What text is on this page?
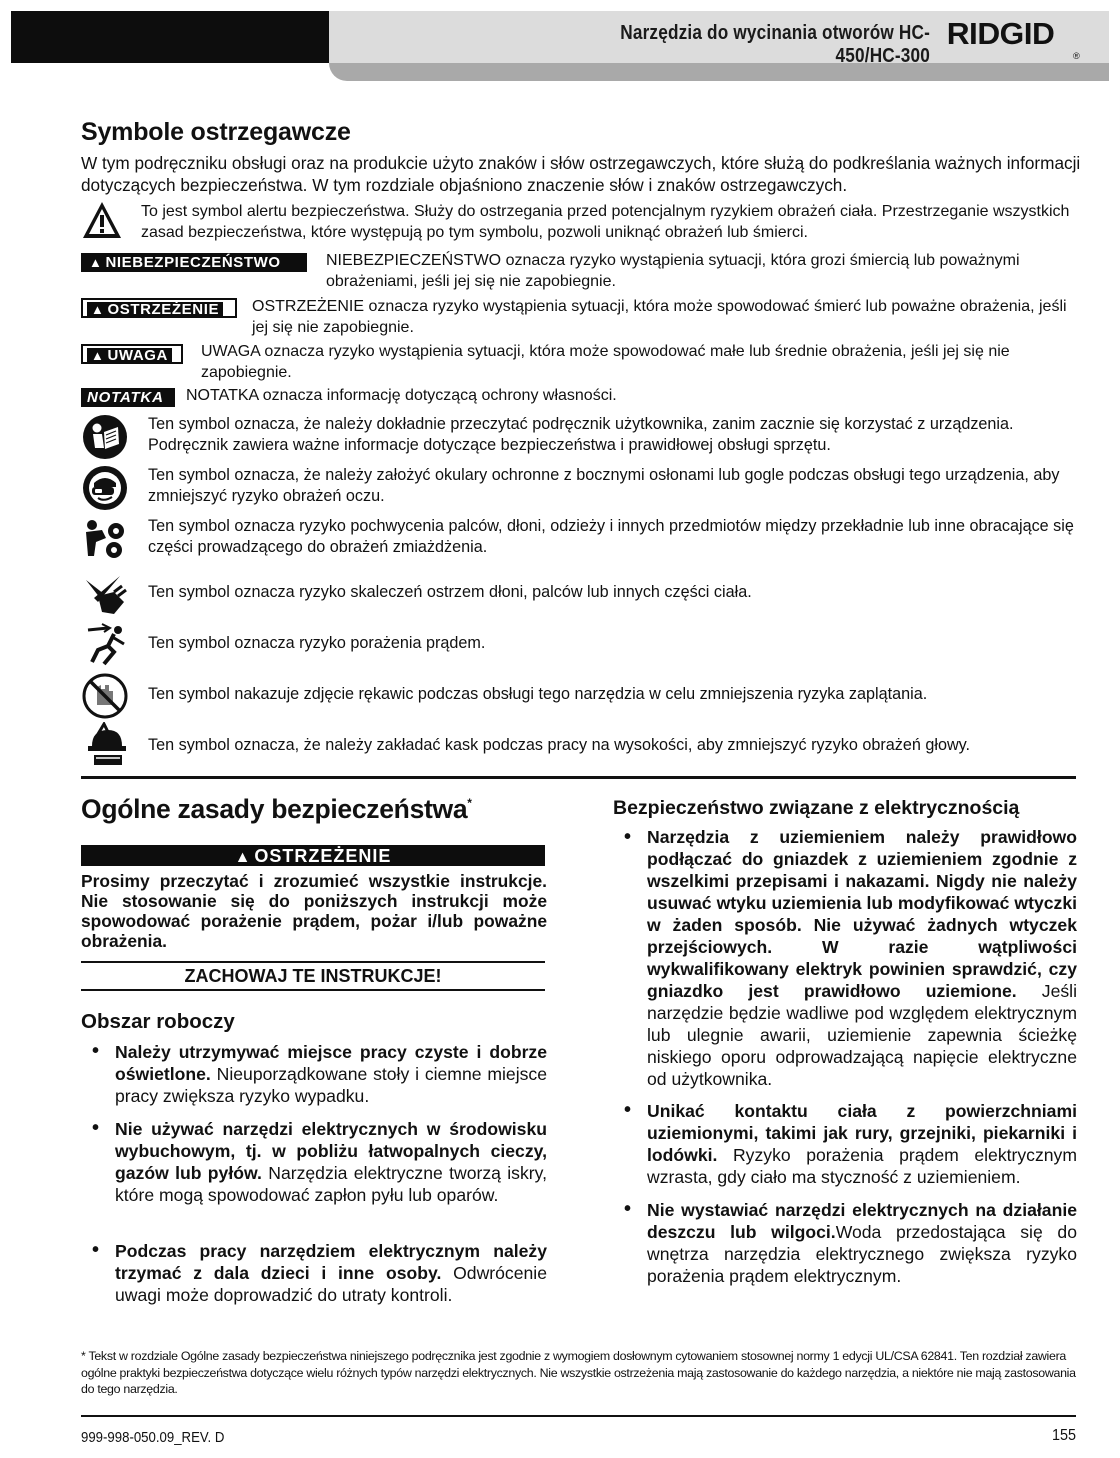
Narzędzia do wycinania otworów HC-450/HC-300
RIDGID
®
Symbole ostrzegawcze

W tym podręczniku obsługi oraz na produkcie użyto znaków i słów ostrzegawczych, które służą do podkreślania ważnych informacji dotyczących bezpieczeństwa. W tym rozdziale objaśniono znaczenie słów i znaków ostrzegawczych.

To jest symbol alertu bezpieczeństwa. Służy do ostrzegania przed potencjalnym ryzykiem obrażeń ciała. Przestrzeganie wszystkich zasad bezpieczeństwa, które występują po tym symbolu, pozwoli uniknąć obrażeń lub śmierci.

▲ NIEBEZPIECZEŃSTWO	NIEBEZPIECZEŃSTWO oznacza ryzyko wystąpienia sytuacji, która grozi śmiercią lub poważnymi obrażeniami, jeśli jej się nie zapobiegnie.

▲ OSTRZEŻENIE	OSTRZEŻENIE oznacza ryzyko wystąpienia sytuacji, która może spowodować śmierć lub poważne obrażenia, jeśli jej się nie zapobiegnie.

▲ UWAGA	UWAGA oznacza ryzyko wystąpienia sytuacji, która może spowodować małe lub średnie obrażenia, jeśli jej się nie zapobiegnie.

NOTATKA	NOTATKA oznacza informację dotyczącą ochrony własności.

Ten symbol oznacza, że należy dokładnie przeczytać podręcznik użytkownika, zanim zacznie się korzystać z urządzenia. Podręcznik zawiera ważne informacje dotyczące bezpieczeństwa i prawidłowej obsługi sprzętu.

Ten symbol oznacza, że należy założyć okulary ochronne z bocznymi osłonami lub gogle podczas obsługi tego urządzenia, aby zmniejszyć ryzyko obrażeń oczu.

Ten symbol oznacza ryzyko pochwycenia palców, dłoni, odzieży i innych przedmiotów między przekładnie lub inne obracające się części prowadzącego do obrażeń zmiażdżenia.

Ten symbol oznacza ryzyko skaleczeń ostrzem dłoni, palców lub innych części ciała.

Ten symbol oznacza ryzyko porażenia prądem.

Ten symbol nakazuje zdjęcie rękawic podczas obsługi tego narzędzia w celu zmniejszenia ryzyka zaplątania.

Ten symbol oznacza, że należy zakładać kask podczas pracy na wysokości, aby zmniejszyć ryzyko obrażeń głowy.

Ogólne zasady bezpieczeństwa*
▲ OSTRZEŻENIE

Prosimy przeczytać i zrozumieć wszystkie instrukcje. Nie stosowanie się do poniższych instrukcji może spowodować porażenie prądem, pożar i/lub poważne obrażenia.

ZACHOWAJ TE INSTRUKCJE!
Obszar roboczy
• Należy utrzymywać miejsce pracy czyste i dobrze oświetlone. Nieuporządkowane stoły i ciemne miejsce pracy zwiększa ryzyko wypadku.

• Nie używać narzędzi elektrycznych w środowisku wybuchowym, tj. w pobliżu łatwopalnych cieczy, gazów lub pyłów. Narzędzia elektryczne tworzą iskry, które mogą spowodować zapłon pyłu lub oparów.

• Podczas pracy narzędziem elektrycznym należy trzymać z dala dzieci i inne osoby. Odwrócenie uwagi może doprowadzić do utraty kontroli.

Bezpieczeństwo związane z elektrycznością
• Narzędzia z uziemieniem należy prawidłowo podłączać do gniazdek z uziemieniem zgodnie z wszelkimi przepisami i nakazami. Nigdy nie należy usuwać wtyku uziemienia lub modyfikować wtyczki w żaden sposób. Nie używać żadnych wtyczek przejściowych. W razie wątpliwości wykwalifikowany elektryk powinien sprawdzić, czy gniazdko jest prawidłowo uziemione. Jeśli narzędzie będzie wadliwe pod względem elektrycznym lub ulegnie awarii, uziemienie zapewnia ścieżkę niskiego oporu odprowadzającą napięcie elektryczne od użytkownika.

• Unikać kontaktu ciała z powierzchniami uziemionymi, takimi jak rury, grzejniki, piekarniki i lodówki. Ryzyko porażenia prądem elektrycznym wzrasta, gdy ciało ma styczność z uziemieniem.

• Nie wystawiać narzędzi elektrycznych na działanie deszczu lub wilgoci.Woda przedostająca się do wnętrza narzędzia elektrycznego zwiększa ryzyko porażenia prądem elektrycznym.

* Tekst w rozdziale Ogólne zasady bezpieczeństwa niniejszego podręcznika jest zgodnie z wymogiem dosłownym cytowaniem stosownej normy 1 edycji UL/CSA 62841. Ten rozdział zawiera ogólne praktyki bezpieczeństwa dotyczące wielu różnych typów narzędzi elektrycznych. Nie wszystkie ostrzeżenia mają zastosowanie do każdego narzędzia, a niektóre nie mają zastosowania do tego narzędzia.

999-998-050.09_REV. D	155
